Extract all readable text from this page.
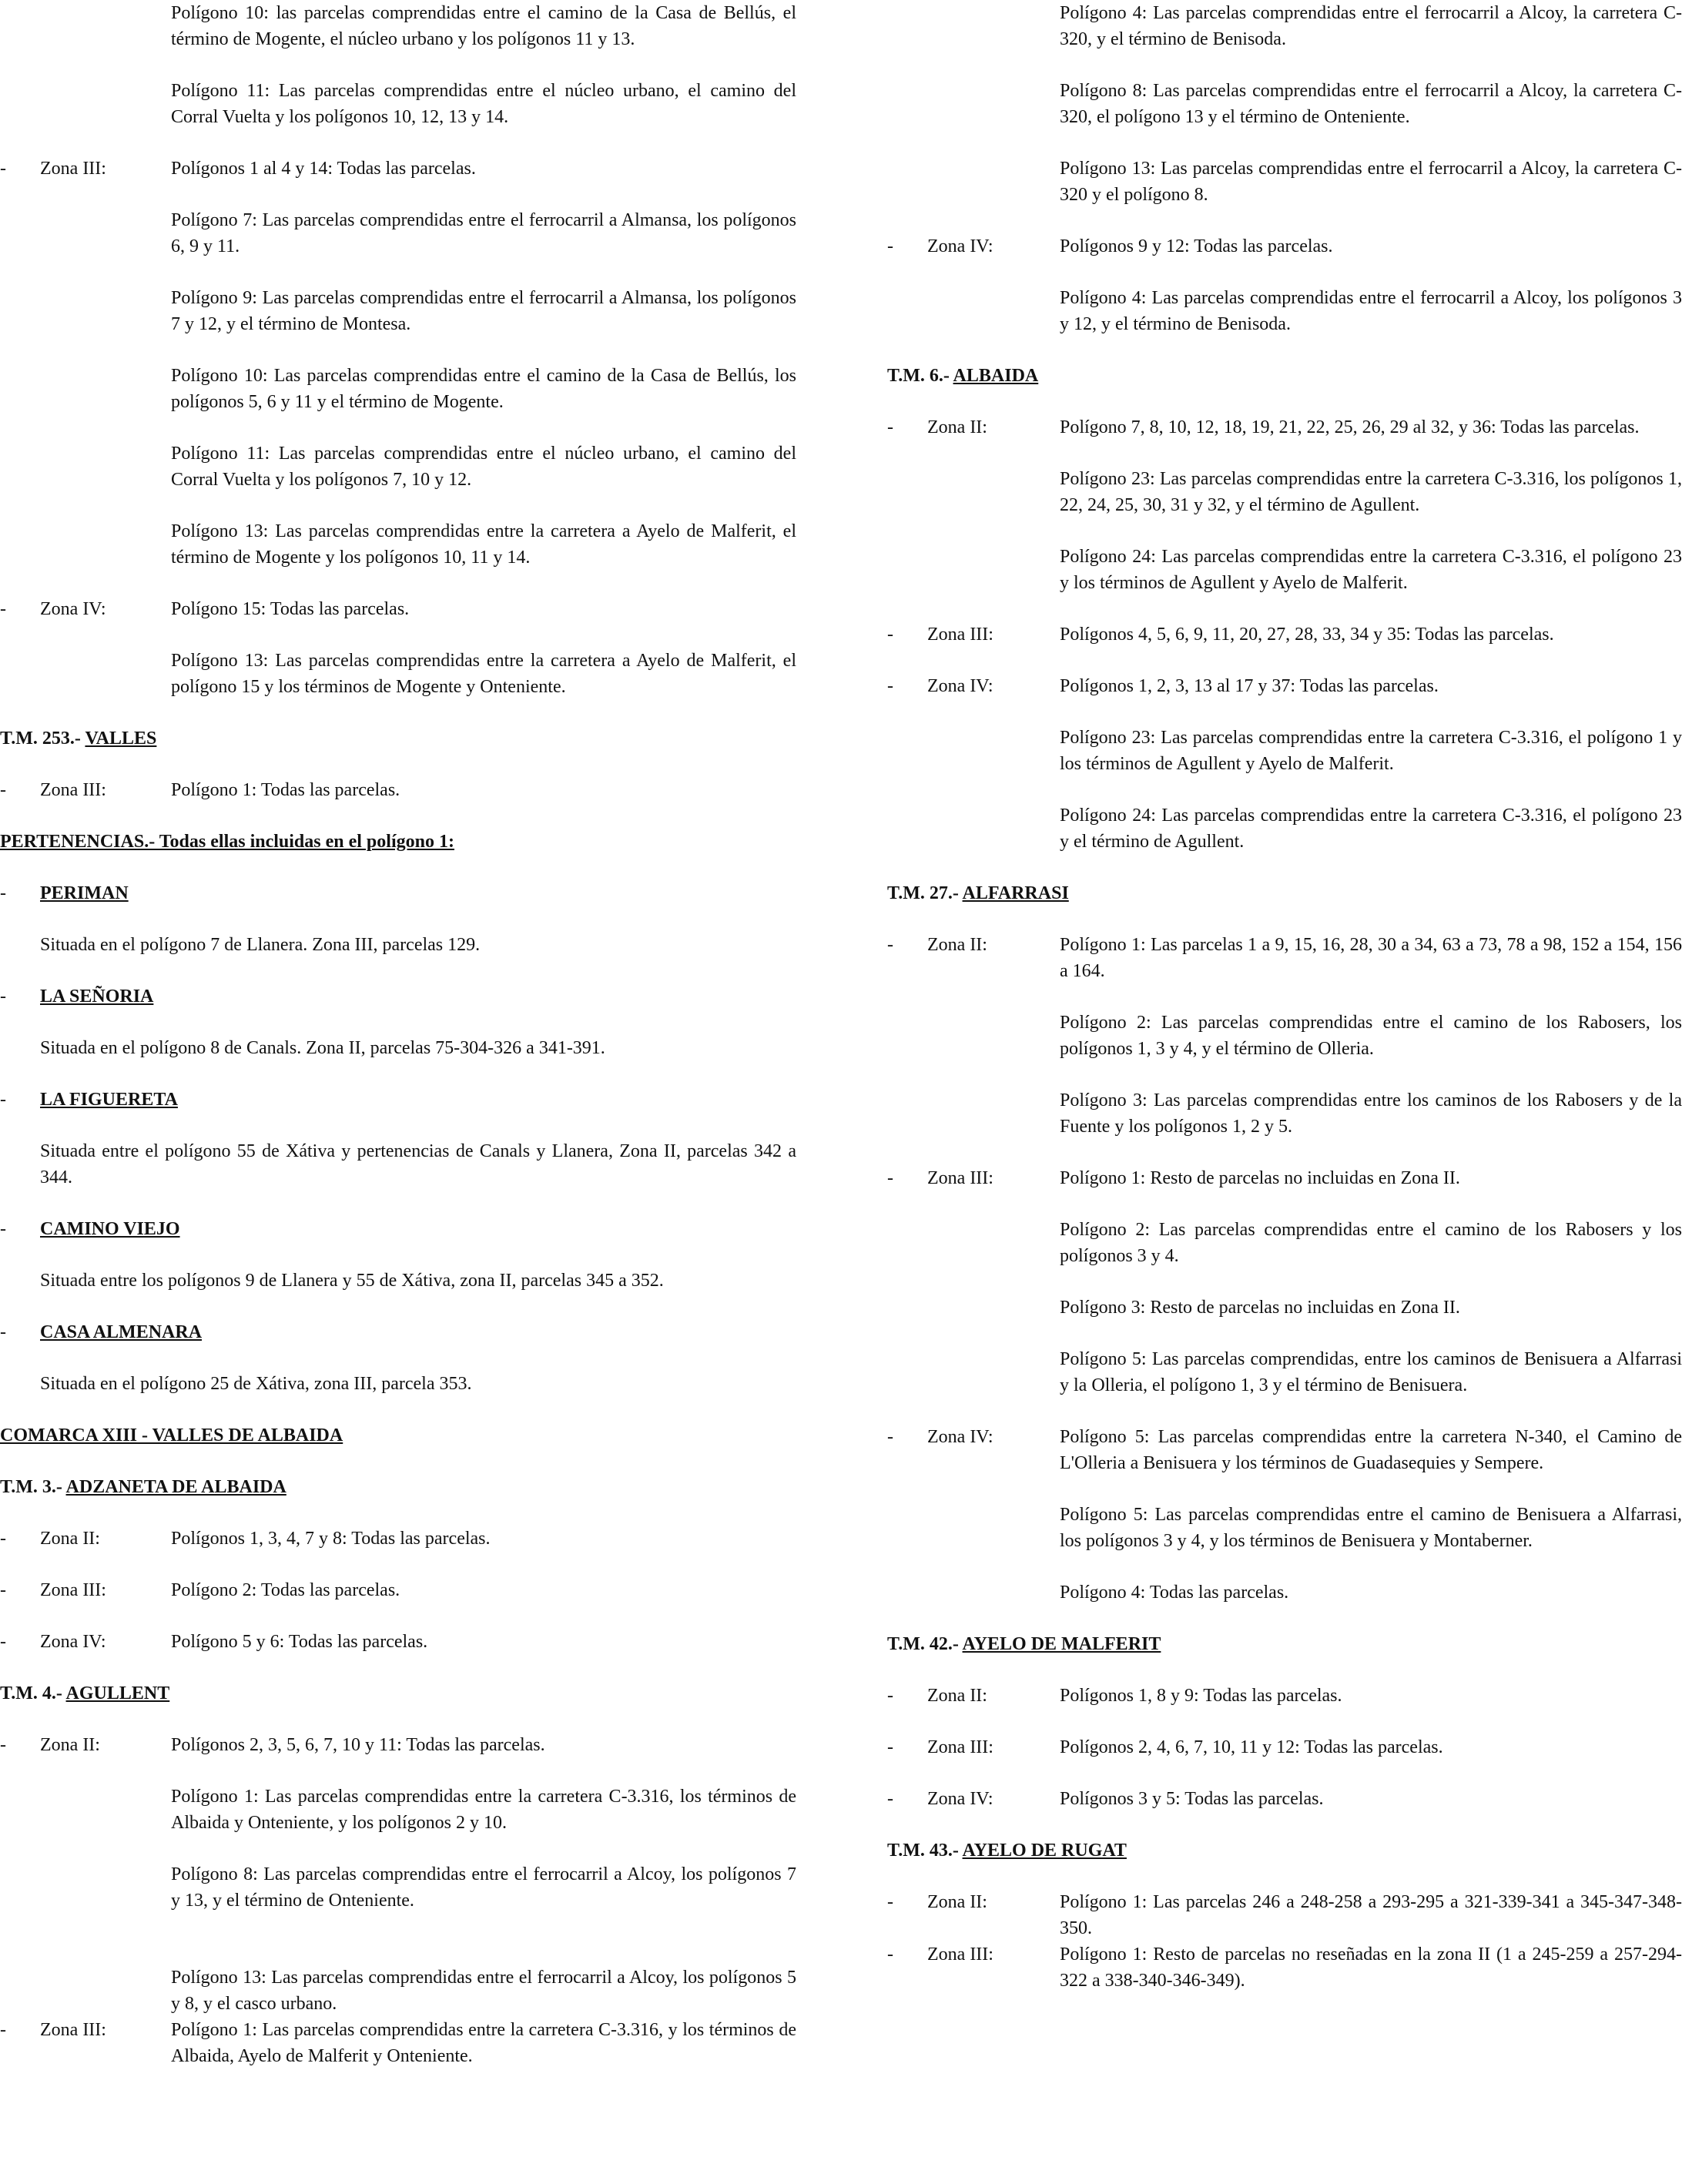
Polígono 10: las parcelas comprendidas entre el camino de la Casa de Bellús, el término de Mogente, el núcleo urbano y los polígonos 11 y 13.
Polígono 11: Las parcelas comprendidas entre el núcleo urbano, el camino del Corral Vuelta y los polígonos 10, 12, 13 y 14.
-	Zona III:	Polígonos 1 al 4 y 14: Todas las parcelas.
Polígono 7: Las parcelas comprendidas entre el ferrocarril a Almansa, los polígonos 6, 9 y 11.
Polígono 9: Las parcelas comprendidas entre el ferrocarril a Almansa, los polígonos 7 y 12, y el término de Montesa.
Polígono 10: Las parcelas comprendidas entre el camino de la Casa de Bellús, los polígonos 5, 6 y 11 y el término de Mogente.
Polígono 11: Las parcelas comprendidas entre el núcleo urbano, el camino del Corral Vuelta y los polígonos 7, 10 y 12.
Polígono 13: Las parcelas comprendidas entre la carretera a Ayelo de Malferit, el término de Mogente y los polígonos 10, 11 y 14.
-	Zona IV:	Polígono 15: Todas las parcelas.
Polígono 13: Las parcelas comprendidas entre la carretera a Ayelo de Malferit, el polígono 15 y los términos de Mogente y Onteniente.
T.M. 253.- VALLES
-	Zona III:	Polígono 1: Todas las parcelas.
PERTENENCIAS.- Todas ellas incluidas en el polígono 1:
-	PERIMAN
Situada en el polígono 7 de Llanera. Zona III, parcelas 129.
-	LA SEÑORIA
Situada en el polígono 8 de Canals. Zona II, parcelas 75-304-326 a 341-391.
-	LA FIGUERETA
Situada entre el polígono 55 de Xátiva y pertenencias de Canals y Llanera, Zona II, parcelas 342 a 344.
-	CAMINO VIEJO
Situada entre los polígonos 9 de Llanera y 55 de Xátiva, zona II, parcelas 345 a 352.
-	CASA ALMENARA
Situada en el polígono 25 de Xátiva, zona III, parcela 353.
COMARCA XIII - VALLES DE ALBAIDA
T.M. 3.- ADZANETA DE ALBAIDA
-	Zona II:	Polígonos 1, 3, 4, 7 y 8: Todas las parcelas.
-	Zona III:	Polígono 2: Todas las parcelas.
-	Zona IV:	Polígono 5 y 6: Todas las parcelas.
T.M. 4.- AGULLENT
-	Zona II:	Polígonos 2, 3, 5, 6, 7, 10 y 11: Todas las parcelas.
Polígono 1: Las parcelas comprendidas entre la carretera C-3.316, los términos de Albaida y Onteniente, y los polígonos 2 y 10.
Polígono 8: Las parcelas comprendidas entre el ferrocarril a Alcoy, los polígonos 7 y 13, y el término de Onteniente.
Polígono 13: Las parcelas comprendidas entre el ferrocarril a Alcoy, los polígonos 5 y 8, y el casco urbano.
-	Zona III:	Polígono 1: Las parcelas comprendidas entre la carretera C-3.316, y los términos de Albaida, Ayelo de Malferit y Onteniente.
Polígono 4: Las parcelas comprendidas entre el ferrocarril a Alcoy, la carretera C-320, y el término de Benisoda.
Polígono 8: Las parcelas comprendidas entre el ferrocarril a Alcoy, la carretera C-320, el polígono 13 y el término de Onteniente.
Polígono 13: Las parcelas comprendidas entre el ferrocarril a Alcoy, la carretera C-320 y el polígono 8.
-	Zona IV:	Polígonos 9 y 12: Todas las parcelas.
Polígono 4: Las parcelas comprendidas entre el ferrocarril a Alcoy, los polígonos 3 y 12, y el término de Benisoda.
T.M. 6.- ALBAIDA
-	Zona II:	Polígono 7, 8, 10, 12, 18, 19, 21, 22, 25, 26, 29 al 32, y 36: Todas las parcelas.
Polígono 23: Las parcelas comprendidas entre la carretera C-3.316, los polígonos 1, 22, 24, 25, 30, 31 y 32, y el término de Agullent.
Polígono 24: Las parcelas comprendidas entre la carretera C-3.316, el polígono 23 y los términos de Agullent y Ayelo de Malferit.
-	Zona III:	Polígonos 4, 5, 6, 9, 11, 20, 27, 28, 33, 34 y 35: Todas las parcelas.
-	Zona IV:	Polígonos 1, 2, 3, 13 al 17 y 37: Todas las parcelas.
Polígono 23: Las parcelas comprendidas entre la carretera C-3.316, el polígono 1 y los términos de Agullent y Ayelo de Malferit.
Polígono 24: Las parcelas comprendidas entre la carretera C-3.316, el polígono 23 y el término de Agullent.
T.M. 27.- ALFARRASI
-	Zona II:	Polígono 1: Las parcelas 1 a 9, 15, 16, 28, 30 a 34, 63 a 73, 78 a 98, 152 a 154, 156 a 164.
Polígono 2: Las parcelas comprendidas entre el camino de los Rabosers, los polígonos 1, 3 y 4, y el término de Olleria.
Polígono 3: Las parcelas comprendidas entre los caminos de los Rabosers y de la Fuente y los polígonos 1, 2 y 5.
-	Zona III:	Polígono 1: Resto de parcelas no incluidas en Zona II.
Polígono 2: Las parcelas comprendidas entre el camino de los Rabosers y los polígonos 3 y 4.
Polígono 3: Resto de parcelas no incluidas en Zona II.
Polígono 5: Las parcelas comprendidas, entre los caminos de Benisuera a Alfarrasi y la Olleria, el polígono 1, 3 y el término de Benisuera.
-	Zona IV:	Polígono 5: Las parcelas comprendidas entre la carretera N-340, el Camino de L'Olleria a Benisuera y los términos de Guadasequies y Sempere.
Polígono 5: Las parcelas comprendidas entre el camino de Benisuera a Alfarrasi, los polígonos 3 y 4, y los términos de Benisuera y Montaberner.
Polígono 4: Todas las parcelas.
T.M. 42.- AYELO DE MALFERIT
-	Zona II:	Polígonos 1, 8 y 9: Todas las parcelas.
-	Zona III:	Polígonos 2, 4, 6, 7, 10, 11 y 12: Todas las parcelas.
-	Zona IV:	Polígonos 3 y 5: Todas las parcelas.
T.M. 43.- AYELO DE RUGAT
-	Zona II:	Polígono 1: Las parcelas 246 a 248-258 a 293-295 a 321-339-341 a 345-347-348-350.
-	Zona III:	Polígono 1: Resto de parcelas no reseñadas en la zona II (1 a 245-259 a 257-294-322 a 338-340-346-349).
